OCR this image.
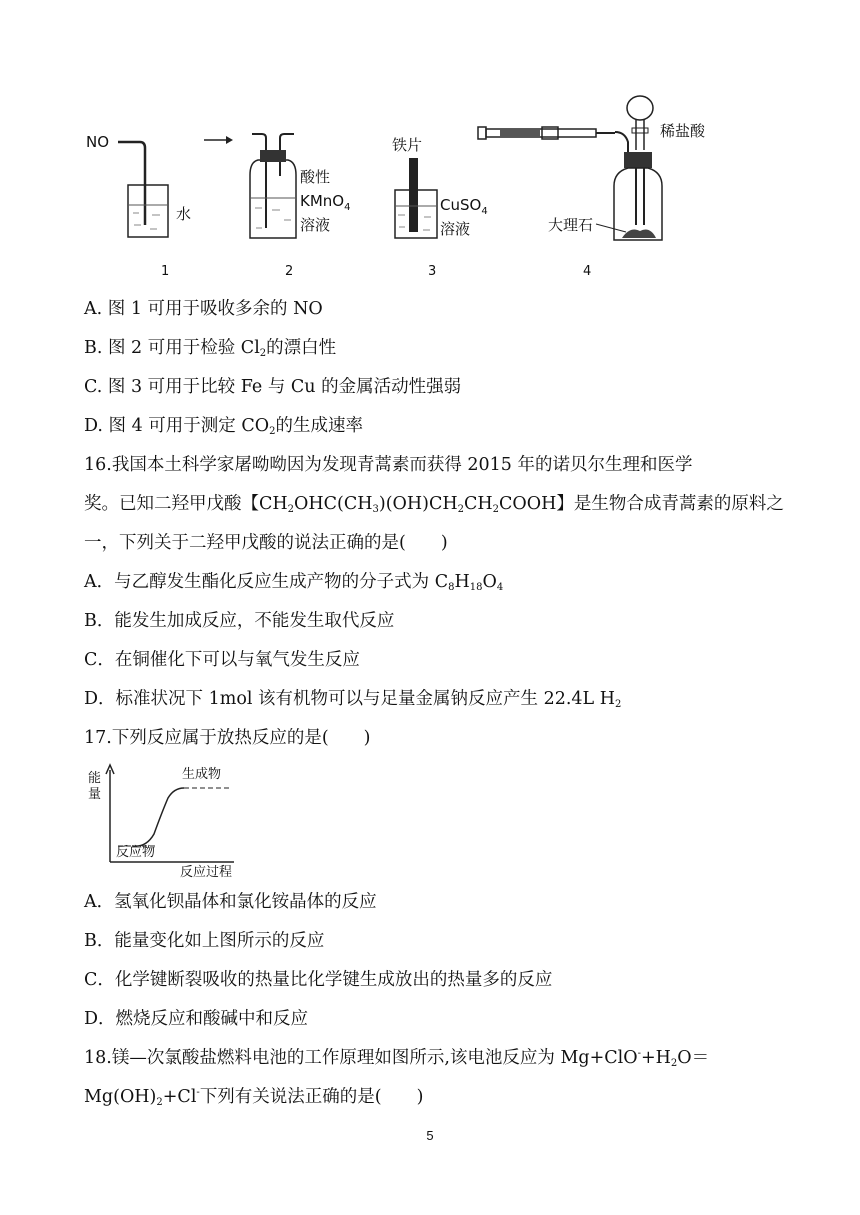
NO
水
1
酸性
KMnO$_4$
溶液
2
铁片
CuSO$_4$
溶液
3
稀盐酸
大理石
4
A. 图 1 可用于吸收多余的 NO
B. 图 2 可用于检验 $Cl_2$的漂白性
C. 图 3 可用于比较 Fe 与 Cu 的金属活动性强弱
D. 图 4 可用于测定 $CO_2$的生成速率
16.我国本土科学家屠呦呦因为发现青蒿素而获得 2015 年的诺贝尔生理和医学
奖。已知二羟甲戊酸【$CH_2OHC(CH_3)(OH)CH_2CH_2COOH$】是生物合成青蒿素的原料之
一，下列关于二羟甲戊酸的说法正确的是(　　)
A．与乙醇发生酯化反应生成产物的分子式为 $C_8H_{18}O_4$
B．能发生加成反应，不能发生取代反应
C．在铜催化下可以与氧气发生反应
D．标准状况下 1mol 该有机物可以与足量金属钠反应产生 22.4L $H_2$
17.下列反应属于放热反应的是(　　)
能
量
生成物
反应物
反应过程
A．氢氧化钡晶体和氯化铵晶体的反应
B．能量变化如上图所示的反应
C．化学键断裂吸收的热量比化学键生成放出的热量多的反应
D．燃烧反应和酸碱中和反应
18.镁—次氯酸盐燃料电池的工作原理如图所示,该电池反应为 $Mg+ClO^-+H_2O=$
$Mg(OH)_2+Cl^-$下列有关说法正确的是(　　)
5
